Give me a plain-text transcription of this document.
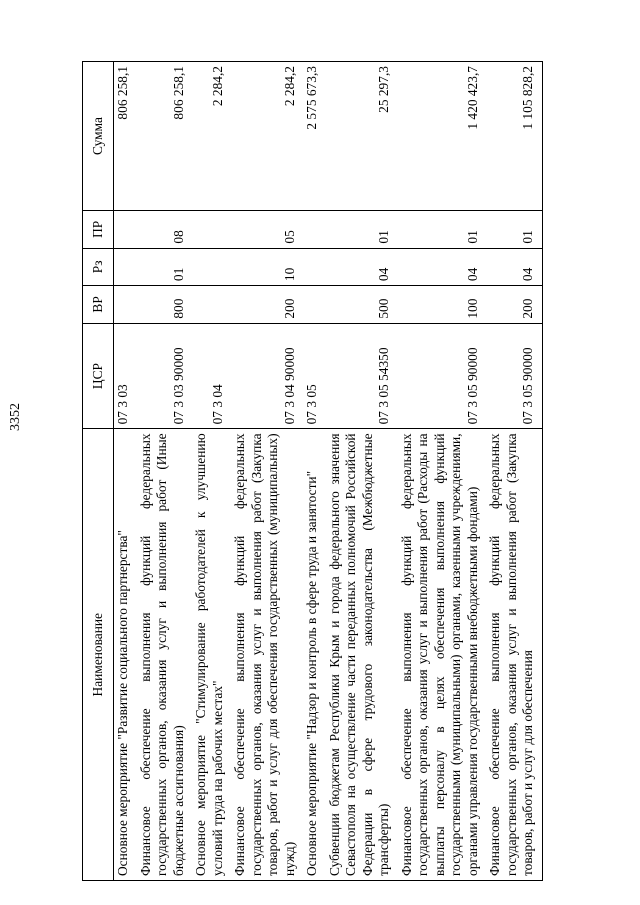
3352
Наименование	ЦСР	ВР	Рз	ПР	Сумма
Основное мероприятие "Развитие социального партнерства"	07 3 03				806 258,1
Финансовое обеспечение выполнения функций федеральных государственных органов, оказания услуг и выполнения работ (Иные бюджетные ассигнования)	07 3 03 90000	800	01	08	806 258,1
Основное мероприятие "Стимулирование работодателей к улучшению условий труда на рабочих местах"	07 3 04				2 284,2
Финансовое обеспечение выполнения функций федеральных государственных органов, оказания услуг и выполнения работ (Закупка товаров, работ и услуг для обеспечения государственных (муниципальных) нужд)	07 3 04 90000	200	10	05	2 284,2
Основное мероприятие "Надзор и контроль в сфере труда и занятости"	07 3 05				2 575 673,3
Субвенции бюджетам Республики Крым и города федерального значения Севастополя на осуществление части переданных полномочий Российской Федерации в сфере трудового законодательства (Межбюджетные трансферты)	07 3 05 54350	500	04	01	25 297,3
Финансовое обеспечение выполнения функций федеральных государственных органов, оказания услуг и выполнения работ (Расходы на выплаты персоналу в целях обеспечения выполнения функций государственными (муниципальными) органами, казенными учреждениями, органами управления государственными внебюджетными фондами)	07 3 05 90000	100	04	01	1 420 423,7
Финансовое обеспечение выполнения функций федеральных государственных органов, оказания услуг и выполнения работ (Закупка товаров, работ и услуг для обеспечения	07 3 05 90000	200	04	01	1 105 828,2
